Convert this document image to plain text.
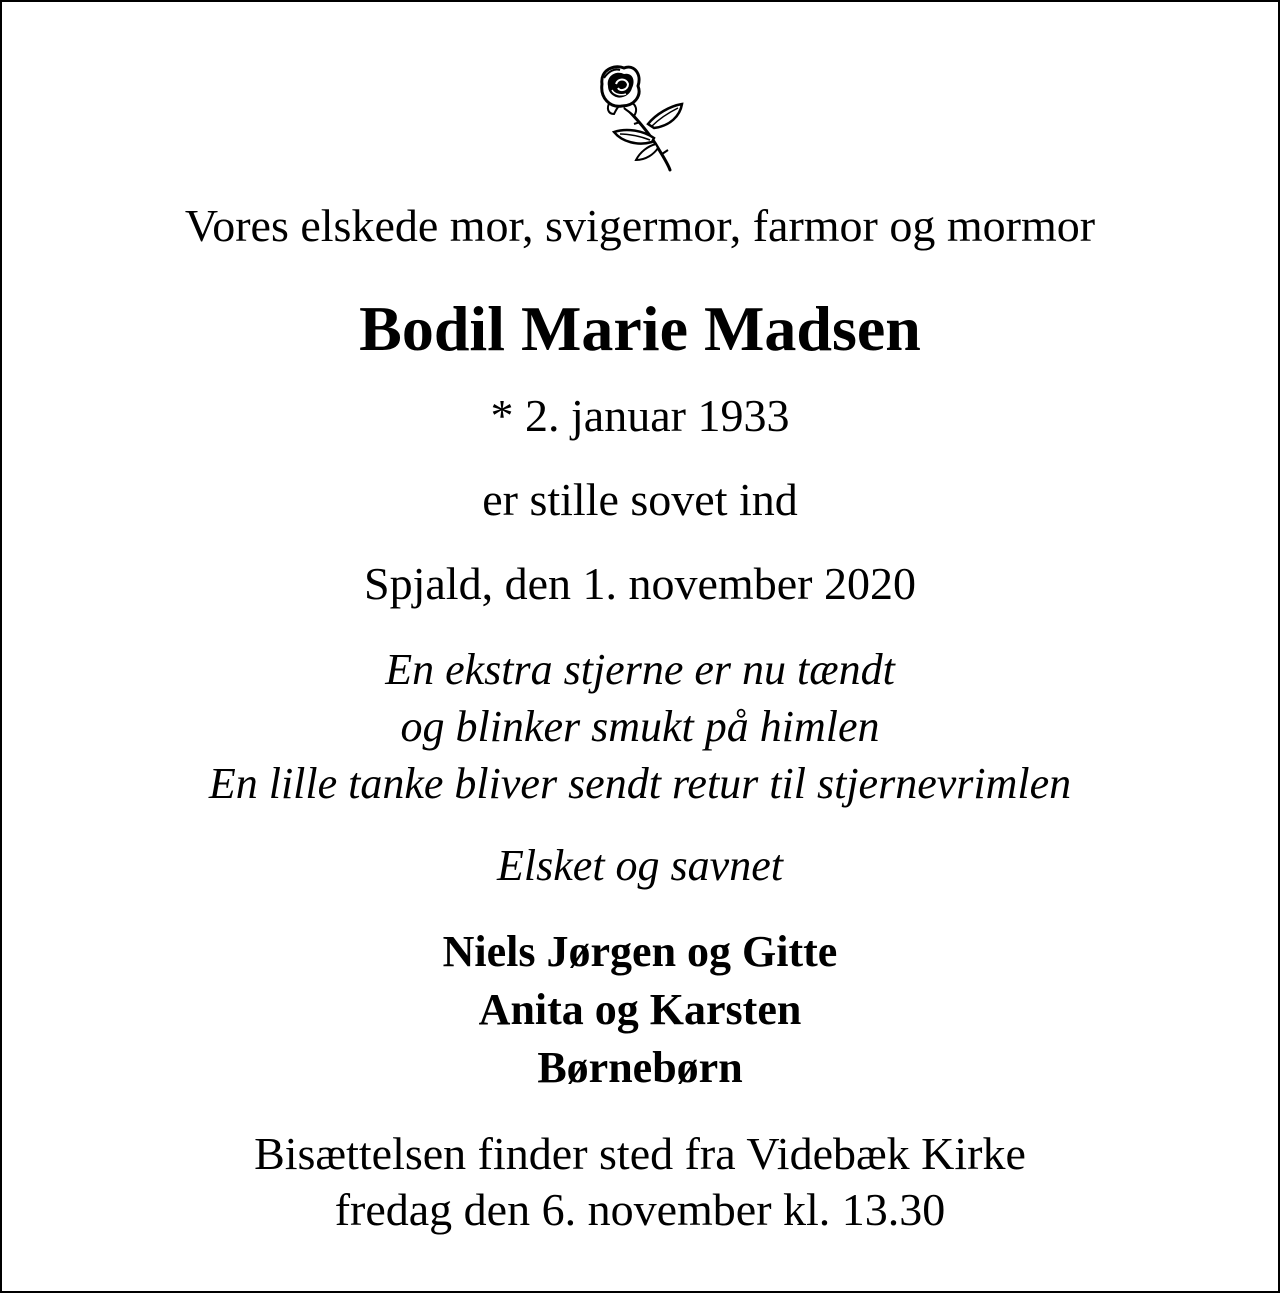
Vores elskede mor, svigermor, farmor og mormor
Bodil Marie Madsen
* 2. januar 1933
er stille sovet ind
Spjald, den 1. november 2020
En ekstra stjerne er nu tændt
og blinker smukt på himlen
En lille tanke bliver sendt retur til stjernevrimlen
Elsket og savnet
Niels Jørgen og Gitte
Anita og Karsten
Børnebørn
Bisættelsen finder sted fra Videbæk Kirke
fredag den 6. november kl. 13.30
